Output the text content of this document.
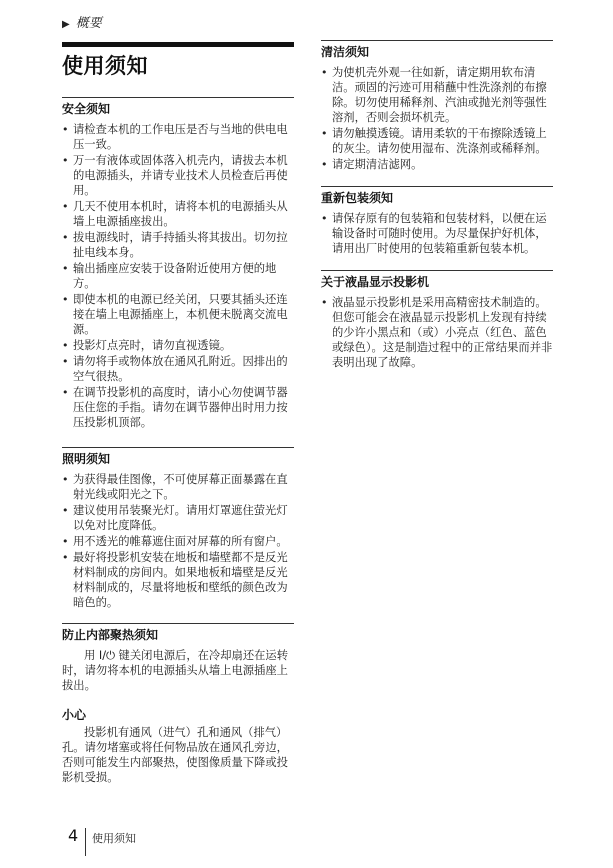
▶ 概要
使用须知
安全须知
• 请检查本机的工作电压是否与当地的供电电压一致。
• 万一有液体或固体落入机壳内，请拔去本机的电源插头，并请专业技术人员检查后再使用。
• 几天不使用本机时，请将本机的电源插头从墙上电源插座拔出。
• 拔电源线时，请手持插头将其拔出。切勿拉扯电线本身。
• 输出插座应安装于设备附近使用方便的地方。
• 即使本机的电源已经关闭，只要其插头还连接在墙上电源插座上，本机便未脱离交流电源。
• 投影灯点亮时，请勿直视透镜。
• 请勿将手或物体放在通风孔附近。因排出的空气很热。
• 在调节投影机的高度时，请小心勿使调节器压住您的手指。请勿在调节器伸出时用力按压投影机顶部。
照明须知
• 为获得最佳图像，不可使屏幕正面暴露在直射光线或阳光之下。
• 建议使用吊装聚光灯。请用灯罩遮住萤光灯以免对比度降低。
• 用不透光的帷幕遮住面对屏幕的所有窗户。
• 最好将投影机安装在地板和墙壁都不是反光材料制成的房间内。如果地板和墙壁是反光材料制成的，尽量将地板和壁纸的颜色改为暗色的。
防止内部聚热须知

用 I/⏻ 键关闭电源后，在冷却扇还在运转时，请勿将本机的电源插头从墙上电源插座上拔出。

小心

投影机有通风（进气）孔和通风（排气）孔。请勿堵塞或将任何物品放在通风孔旁边，否则可能发生内部聚热，使图像质量下降或投影机受损。

清洁须知
• 为使机壳外观一往如新，请定期用软布清洁。顽固的污迹可用稍蘸中性洗涤剂的布擦除。切勿使用稀释剂、汽油或抛光剂等强性溶剂，否则会损坏机壳。
• 请勿触摸透镜。请用柔软的干布擦除透镜上的灰尘。请勿使用湿布、洗涤剂或稀释剂。
• 请定期清洁滤网。
重新包装须知
• 请保存原有的包装箱和包装材料，以便在运输设备时可随时使用。为尽量保护好机体，请用出厂时使用的包装箱重新包装本机。
关于液晶显示投影机
• 液晶显示投影机是采用高精密技术制造的。但您可能会在液晶显示投影机上发现有持续的少许小黑点和（或）小亮点（红色、蓝色或绿色）。这是制造过程中的正常结果而并非表明出现了故障。
4 使用须知
